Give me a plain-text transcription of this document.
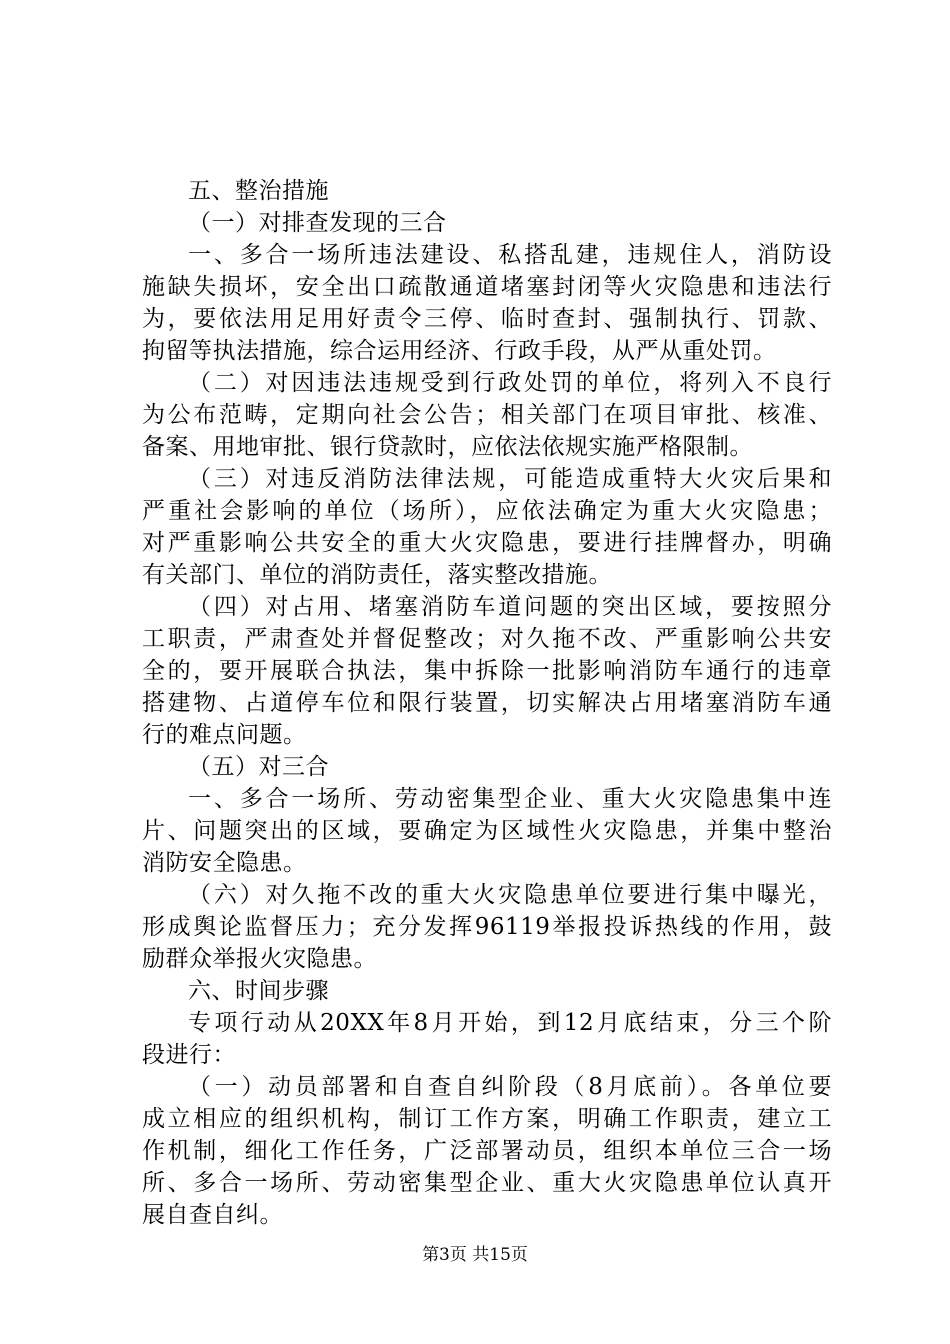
五、整治措施
（一）对排查发现的三合
一、多合一场所违法建设、私搭乱建，违规住人，消防设
施缺失损坏，安全出口疏散通道堵塞封闭等火灾隐患和违法行
为，要依法用足用好责令三停、临时查封、强制执行、罚款、
拘留等执法措施，综合运用经济、行政手段，从严从重处罚。
（二）对因违法违规受到行政处罚的单位，将列入不良行
为公布范畴，定期向社会公告；相关部门在项目审批、核准、
备案、用地审批、银行贷款时，应依法依规实施严格限制。
（三）对违反消防法律法规，可能造成重特大火灾后果和
严重社会影响的单位（场所），应依法确定为重大火灾隐患；
对严重影响公共安全的重大火灾隐患，要进行挂牌督办，明确
有关部门、单位的消防责任，落实整改措施。
（四）对占用、堵塞消防车道问题的突出区域，要按照分
工职责，严肃查处并督促整改；对久拖不改、严重影响公共安
全的，要开展联合执法，集中拆除一批影响消防车通行的违章
搭建物、占道停车位和限行装置，切实解决占用堵塞消防车通
行的难点问题。
（五）对三合
一、多合一场所、劳动密集型企业、重大火灾隐患集中连
片、问题突出的区域，要确定为区域性火灾隐患，并集中整治
消防安全隐患。
（六）对久拖不改的重大火灾隐患单位要进行集中曝光，
形成舆论监督压力；充分发挥96119举报投诉热线的作用，鼓
励群众举报火灾隐患。
六、时间步骤
专项行动从20XX年8月开始，到12月底结束，分三个阶
段进行：
（一）动员部署和自查自纠阶段（8月底前）。各单位要
成立相应的组织机构，制订工作方案，明确工作职责，建立工
作机制，细化工作任务，广泛部署动员，组织本单位三合一场
所、多合一场所、劳动密集型企业、重大火灾隐患单位认真开
展自查自纠。
第3页 共15页
